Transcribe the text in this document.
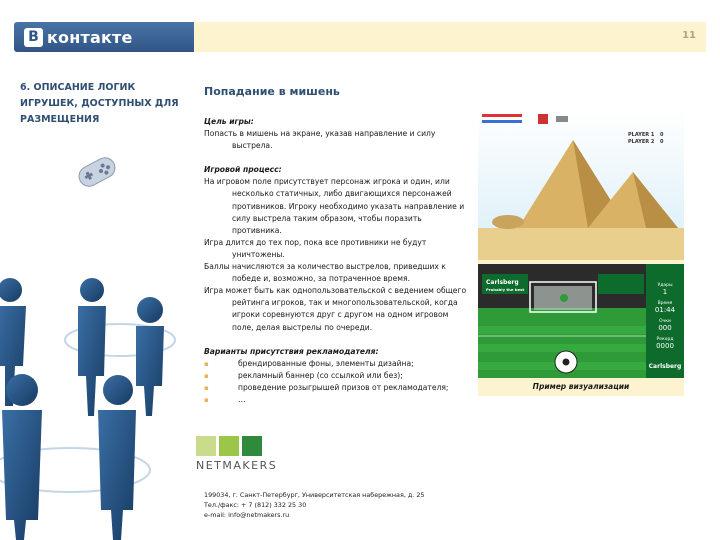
B контакте	11
6. ОПИСАНИЕ ЛОГИК ИГРУШЕК, ДОСТУПНЫХ ДЛЯ РАЗМЕЩЕНИЯ
Попадание в мишень
Цель игры:
Попасть в мишень на экране, указав направление и силу выстрела.
Игровой процесс:
На игровом поле присутствует персонаж игрока и один, или несколько статичных, либо двигающихся персонажей противников. Игроку необходимо указать направление и силу выстрела таким образом, чтобы поразить противника.
Игра длится до тех пор, пока все противники не будут уничтожены.
Баллы начисляются за количество выстрелов, приведших к победе и, возможно, за потраченное время.
Игра может быть как однопользовательской с ведением общего рейтинга игроков, так и многопользовательской, когда игроки соревнуются друг с другом на одном игровом поле, делая выстрелы по очереди.
Варианты присутствия рекламодателя:
▪ брендированные фоны, элементы дизайна;
▪ рекламный баннер (со ссылкой или без);
▪ проведение розыгрышей призов от рекламодателя;
▪ …
NETMAKERS
199034, г. Санкт-Петербург, Университетская набережная, д. 25
Тел./факс: + 7 (812) 332 25 30
e-mail: info@netmakers.ru
PLAYER 1 0
PLAYER 2 0
Carlsberg
Probably the best
Удары
1
Время
01:44
Очки
000
Рекорд
0000
Carlsberg
Пример визуализации
